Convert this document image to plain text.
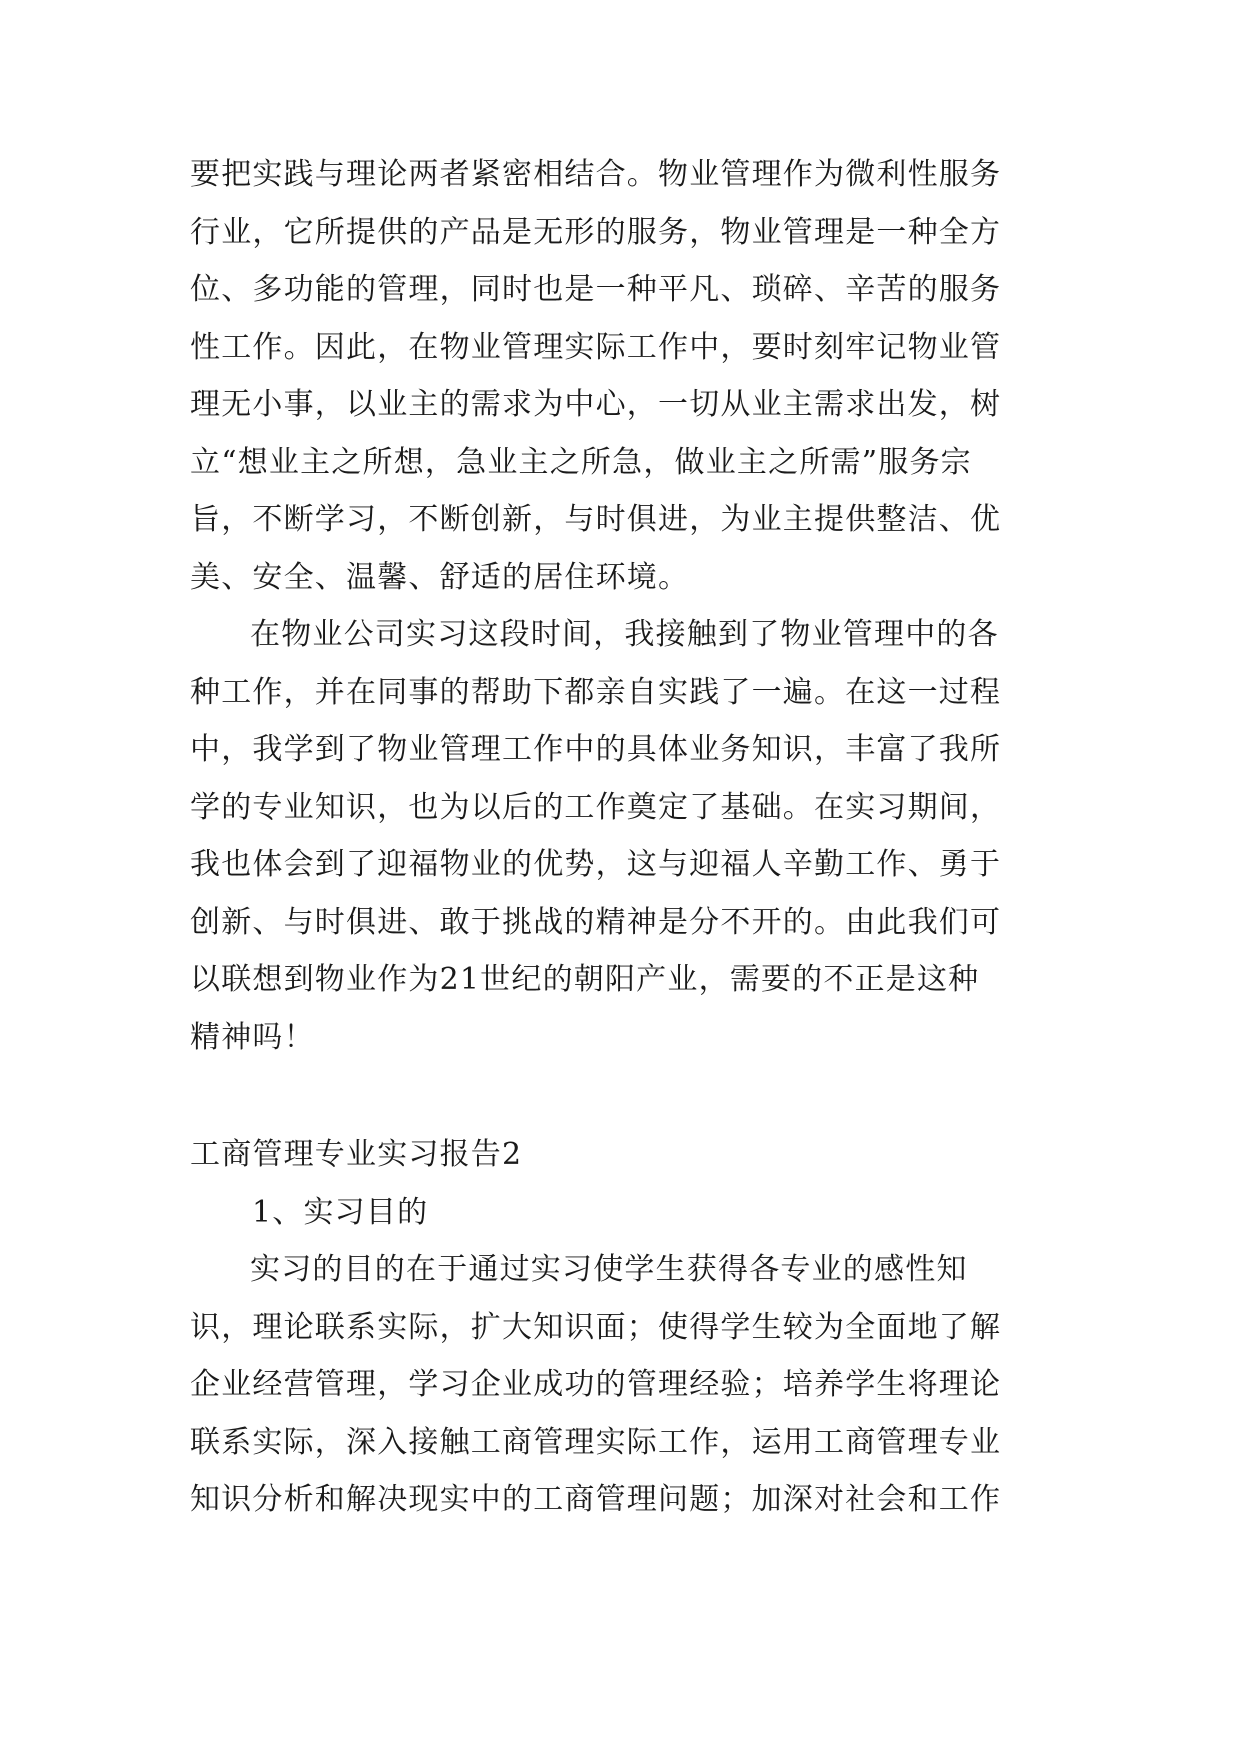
要把实践与理论两者紧密相结合。物业管理作为微利性服务
行业，它所提供的产品是无形的服务，物业管理是一种全方
位、多功能的管理，同时也是一种平凡、琐碎、辛苦的服务
性工作。因此，在物业管理实际工作中，要时刻牢记物业管
理无小事，以业主的需求为中心，一切从业主需求出发，树
立“想业主之所想，急业主之所急，做业主之所需”服务宗
旨，不断学习，不断创新，与时俱进，为业主提供整洁、优
美、安全、温馨、舒适的居住环境。
在物业公司实习这段时间，我接触到了物业管理中的各
种工作，并在同事的帮助下都亲自实践了一遍。在这一过程
中，我学到了物业管理工作中的具体业务知识，丰富了我所
学的专业知识，也为以后的工作奠定了基础。在实习期间，
我也体会到了迎福物业的优势，这与迎福人辛勤工作、勇于
创新、与时俱进、敢于挑战的精神是分不开的。由此我们可
以联想到物业作为21世纪的朝阳产业，需要的不正是这种
精神吗！
工商管理专业实习报告2
1、实习目的
实习的目的在于通过实习使学生获得各专业的感性知
识，理论联系实际，扩大知识面；使得学生较为全面地了解
企业经营管理，学习企业成功的管理经验；培养学生将理论
联系实际，深入接触工商管理实际工作，运用工商管理专业
知识分析和解决现实中的工商管理问题；加深对社会和工作
